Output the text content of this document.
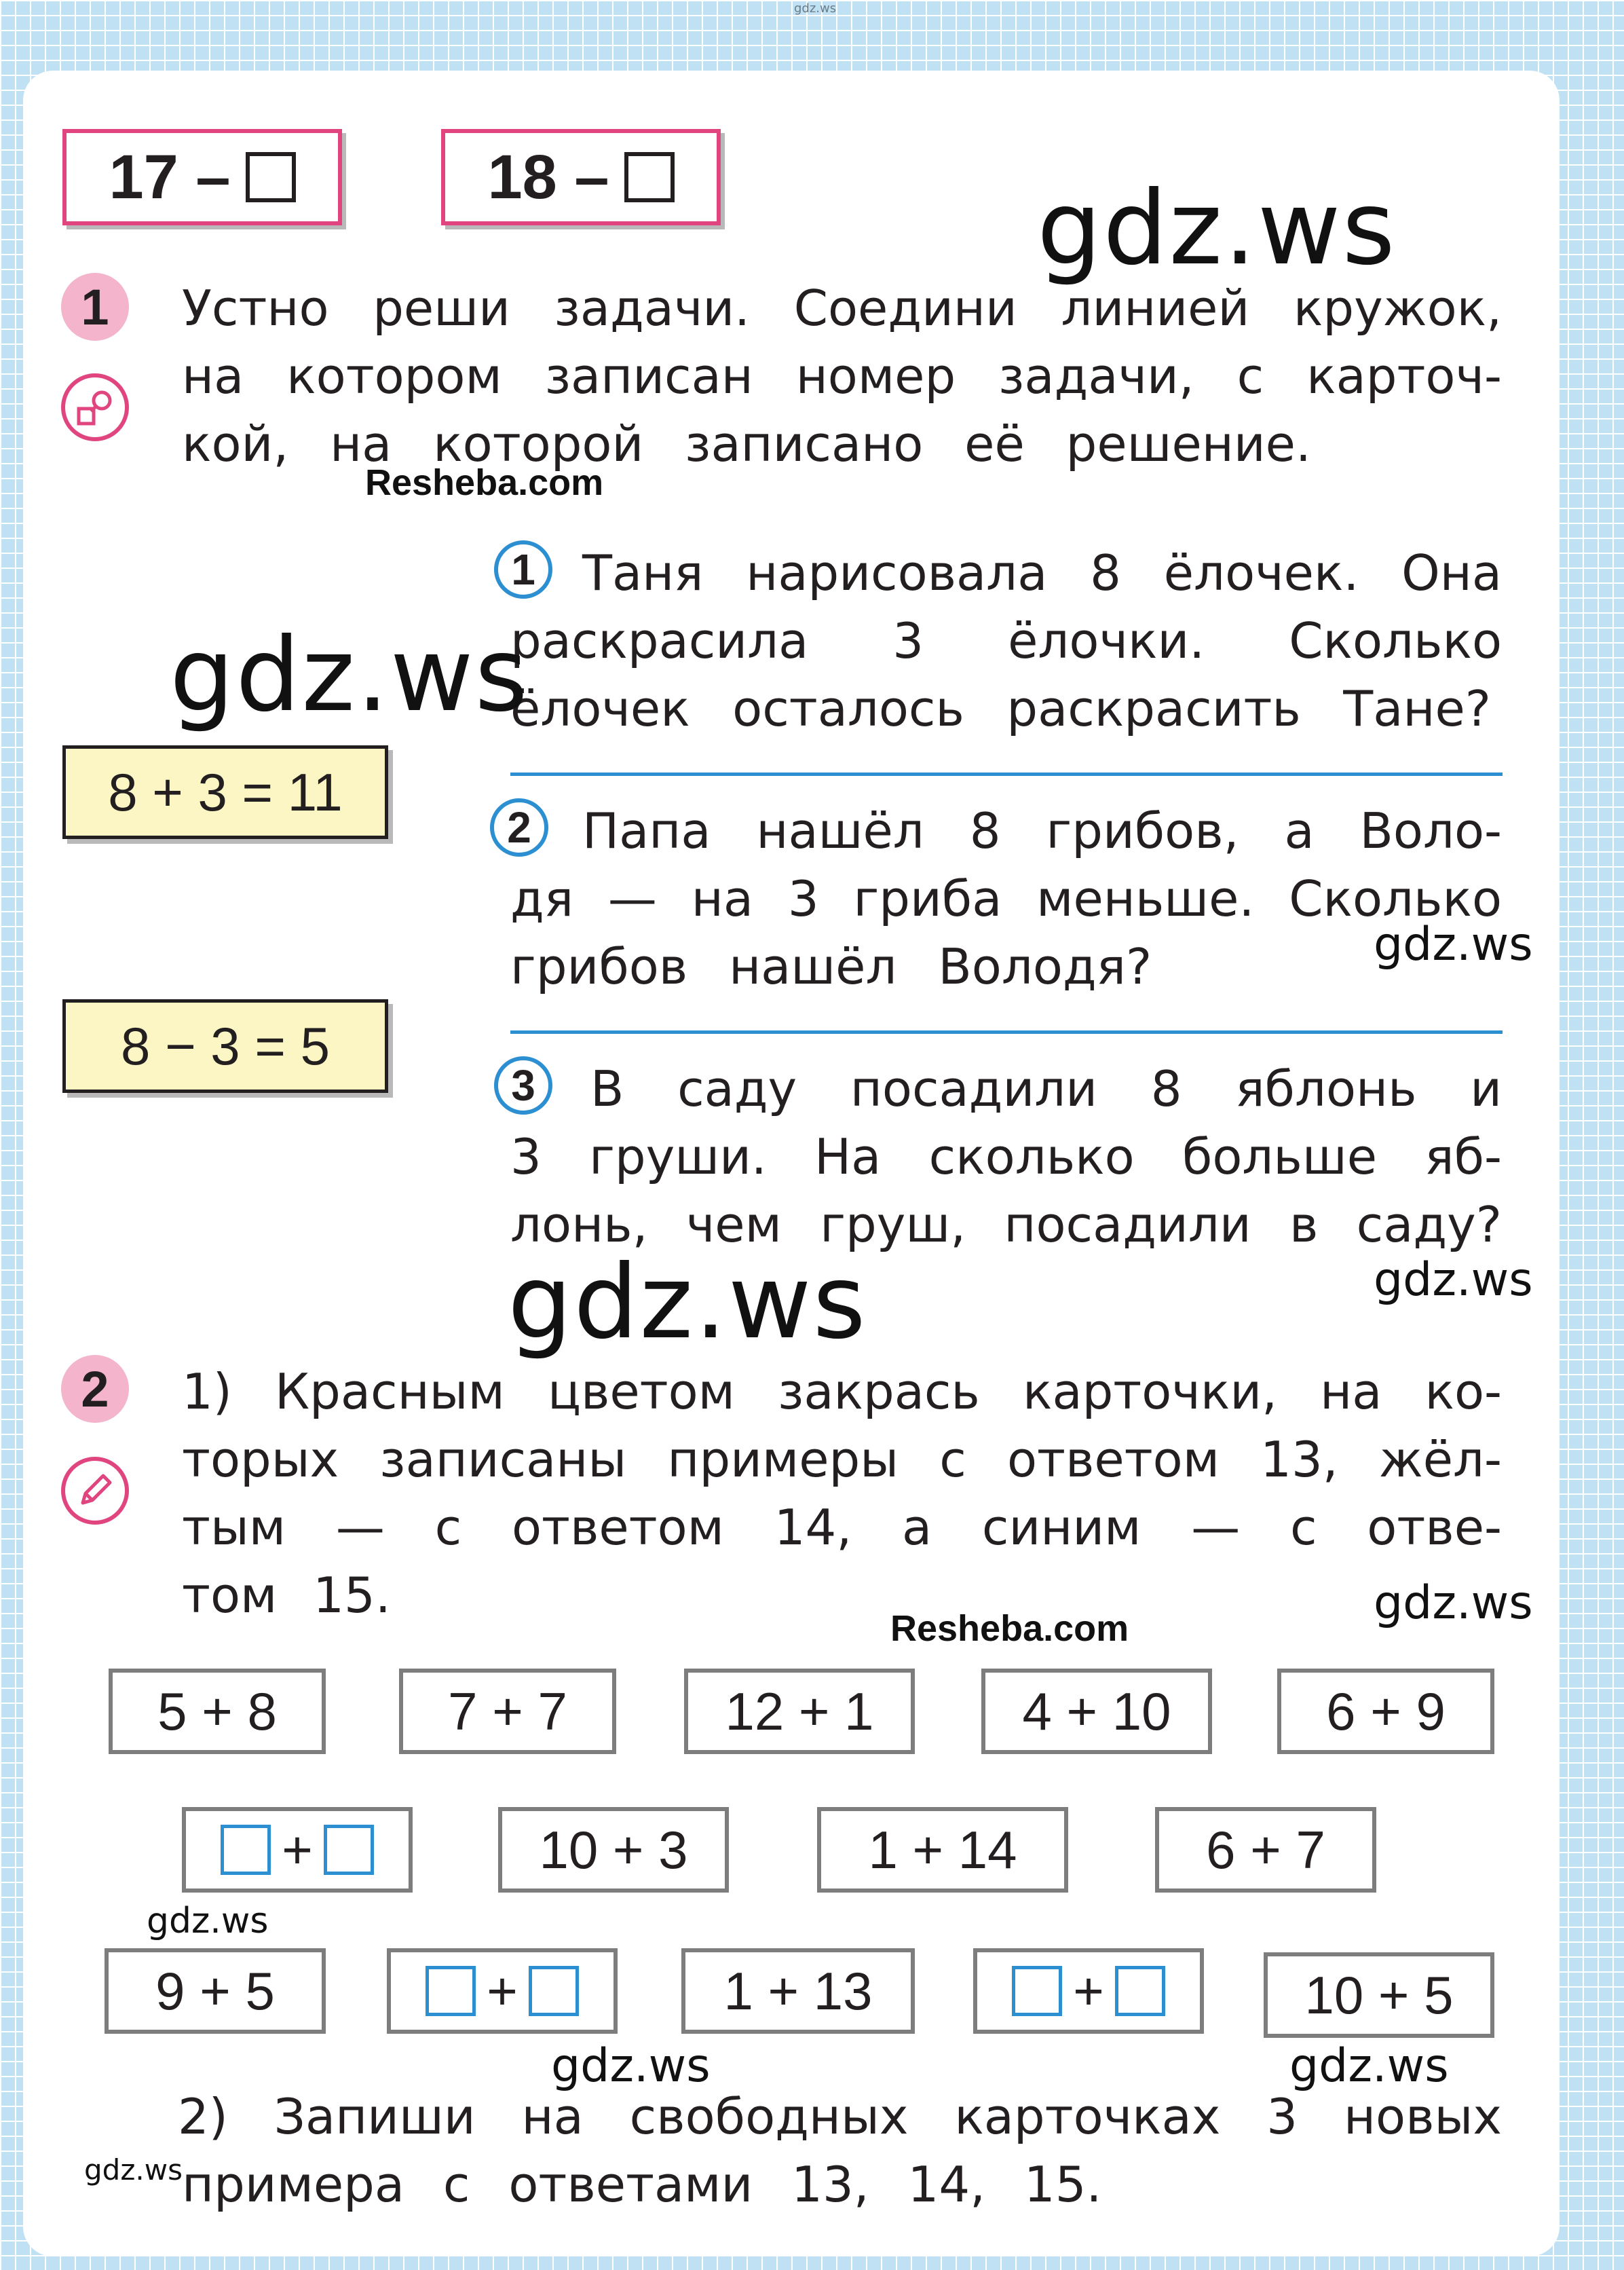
gdz.ws
17 –	18 –
1	Устно реши задачи. Соедини линией кружок,
на котором записан номер задачи, с карточ-
кой, на которой записано её решение.
1 Таня нарисовала 8 ёлочек. Она
раскрасила 3 ёлочки. Сколько
ёлочек осталось раскрасить Тане?
2	Папа нашёл 8 грибов, а Воло-
дя — на 3 гриба меньше. Сколько
грибов нашёл Володя?
3	В саду посадили 8 яблонь и
3 груши. На сколько больше яб-
лонь, чем груш, посадили в саду?
8 + 3 = 11
8 − 3 = 5
2	1) Красным цветом закрась карточки, на ко-
торых записаны примеры с ответом 13, жёл-
тым — с ответом 14, а синим — с отве-
том 15.
5 + 8	7 + 7	12 + 1	4 + 10	6 + 9
+	10 + 3	1 + 14	6 + 7
9 + 5	+	1 + 13	+	10 + 5
2) Запиши на свободных карточках 3 новых
примера с ответами 13, 14, 15.
gdz.ws
gdz.ws
gdz.ws
gdz.ws
gdz.ws
gdz.ws
gdz.ws
gdz.ws	gdz.ws
gdz.ws
Resheba.com
Resheba.com
